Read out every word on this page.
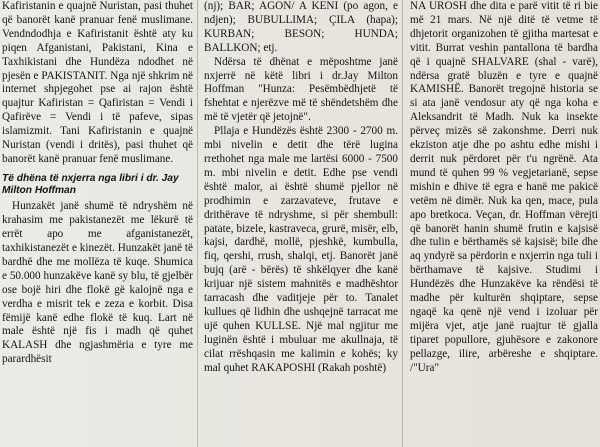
Kafiristanin e quajnë Nuristan, pasi thuhet që banorët kanë pranuar fenë muslimane. Vendndodhja e Kafiristanit është aty ku piqen Afganistani, Pakistani, Kina e Taxhikistani dhe Hundëza ndodhet në pjesën e PAKISTANIT. Nga një shkrim në internet shpjegohet pse ai rajon është quajtur Kafiristan = Qafiristan = Vendi i Qafirëve = Vendi i të pafeve, sipas islamizmit. Tani Kafiristanin e quajnë Nuristan (vendi i dritës), pasi thuhet që banorët kanë pranuar fenë muslimane.

Të dhëna të nxjerra nga libri i dr. Jay Milton Hoffman

Hunzakët janë shumë të ndryshëm në krahasim me pakistanezët me lëkurë të errët apo me afganistanezët, taxhikistanezët e kinezët. Hunzakët janë të bardhë dhe me mollëza të kuqe. Shumica e 50.000 hunzakëve kanë sy blu, të gjelbër ose bojë hiri dhe flokë gë kalojnë nga e verdha e misrit tek e zeza e korbit. Disa fëmijë kanë edhe flokë të kuq. Lart në male është një fis i madh që quhet KALASH dhe ngjashmëria e tyre me parardhësit

(nj); BAR; AGON/ A KENI (po agon, e ndjen); BUBULLIMA; ÇILA (hapa); KURBAN; BESON; HUNDA; BALLKON; etj.

Ndërsa të dhënat e mëposhtme janë nxjerrë në këtë libri i dr.Jay Milton Hoffman "Hunza: Pesëmbëdhjetë të fshehtat e njerëzve më të shëndetshëm dhe më të vjetër që jetojnë".

Pllaja e Hundëzës është 2300 - 2700 m. mbi nivelin e detit dhe tërë lugina rrethohet nga male me lartësi 6000 - 7500 m. mbi nivelin e detit. Edhe pse vendi është malor, ai është shumë pjellor në prodhimin e zarzavateve, frutave e drithërave të ndryshme, si për shembull: patate, bizele, kastraveca, grurë, misër, elb, kajsi, dardhë, mollë, pjeshkë, kumbulla, fiq, qershi, rrush, shalqi, etj. Banorët janë bujq (arë - bërës) të shkëlqyer dhe kanë krijuar një sistem mahnitës e madhështor tarracash dhe vaditjeje për to. Tanalet kullues që lidhin dhe ushqejnë tarracat me ujë quhen KULLSE. Një mal ngjitur me luginën është i mbuluar me akullnaja, të cilat rrëshqasin me kalimin e kohës; ky mal quhet RAKAPOSHI (Rakah poshtë)

NA UROSH dhe dita e parë vitit të ri bie më 21 mars. Në një ditë të vetme të dhjetorit organizohen të gjitha martesat e vitit. Burrat veshin pantallona të bardha që i quajnë SHALVARE (shal - varë), ndërsa gratë bluzën e tyre e quajnë KAMISHË. Banorët tregojnë historia se si ata janë vendosur aty që nga koha e Aleksandrit të Madh. Nuk ka insekte përveç mizës së zakonshme. Derri nuk ekziston atje dhe po ashtu edhe mishi i derrit nuk përdoret për t'u ngrënë. Ata mund të quhen 99 % vegjetarianë, sepse mishin e dhive të egra e hanë me pakicë vetëm në dimër. Nuk ka qen, mace, pula apo bretkoca. Veçan, dr. Hoffman vërejti që banorët hanin shumë frutin e kajsisë dhe tulin e bërthamës së kajsisë; bile dhe aq yndyrë sa përdorin e nxjerrin nga tuli i bërthamave të kajsive. Studimi i Hundëzës dhe Hunzakëve ka rëndësi të madhe për kulturën shqiptare, sepse ngaqë ka qenë një vend i izoluar për mijëra vjet, atje janë ruajtur të gjalla tiparet popullore, gjuhësore e zakonore pellazge, ilire, arbëreshe e shqiptare. /"Ura"
